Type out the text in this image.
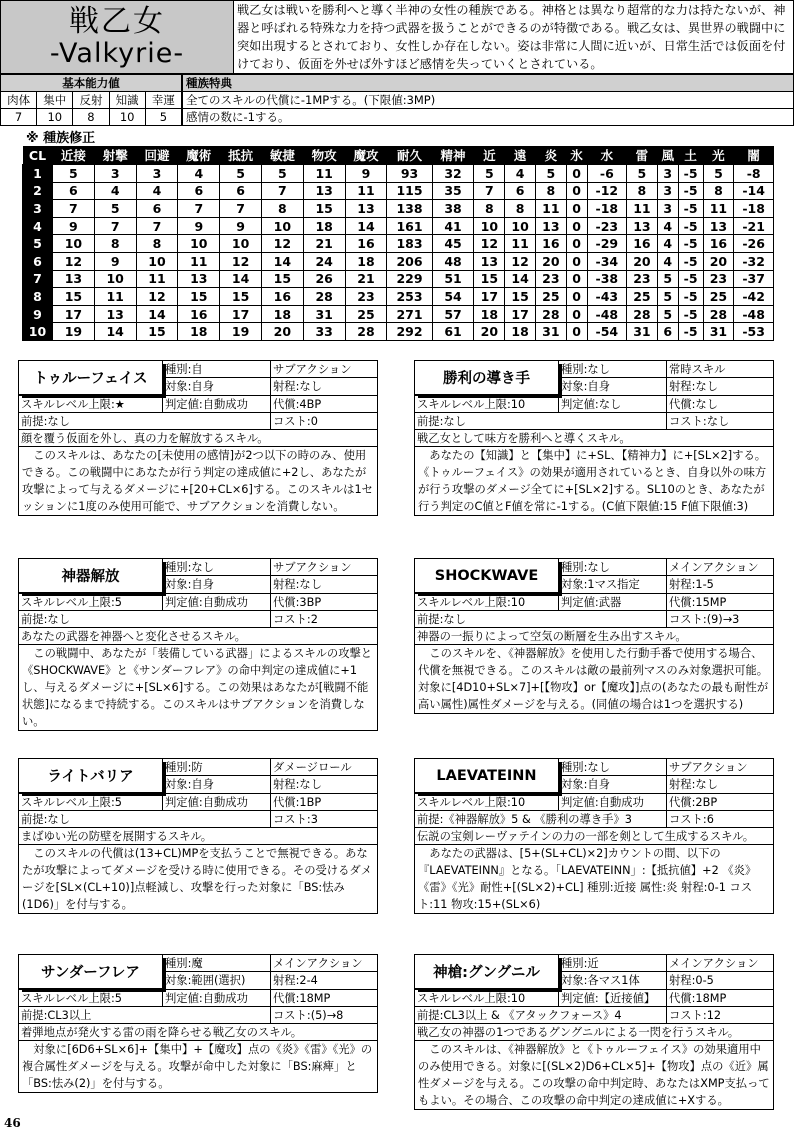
戦乙女
-Valkyrie-
戦乙女は戦いを勝利へと導く半神の女性の種族である。神格とは異なり超常的な力は持たないが、神器と呼ばれる特殊な力を持つ武器を扱うことができるのが特徴である。戦乙女は、異世界の戦闘中に突如出現するとされており、女性しか存在しない。姿は非常に人間に近いが、日常生活では仮面を付けており、仮面を外せば外すほど感情を失っていくとされている。
基本能力値				
肉体	集中	反射	知識	幸運
7	10	8	10	5
種族特典
全てのスキルの代償に-1MPする。(下限値:3MP)
感情の数に-1する。
※ 種族修正
CL	近接	射撃	回避	魔術	抵抗	敏捷	物攻	魔攻	耐久	精神	近	遠	炎	氷	水	雷	風	土	光	闇
1	5	3	3	4	5	5	11	9	93	32	5	4	5	0	-6	5	3	-5	5	-8
2	6	4	4	6	6	7	13	11	115	35	7	6	8	0	-12	8	3	-5	8	-14
3	7	5	6	7	7	8	15	13	138	38	8	8	11	0	-18	11	3	-5	11	-18
4	9	7	7	9	9	10	18	14	161	41	10	10	13	0	-23	13	4	-5	13	-21
5	10	8	8	10	10	12	21	16	183	45	12	11	16	0	-29	16	4	-5	16	-26
6	12	9	10	11	12	14	24	18	206	48	13	12	20	0	-34	20	4	-5	20	-32
7	13	10	11	13	14	15	26	21	229	51	15	14	23	0	-38	23	5	-5	23	-37
8	15	11	12	15	15	16	28	23	253	54	17	15	25	0	-43	25	5	-5	25	-42
9	17	13	14	16	17	18	31	25	271	57	18	17	28	0	-48	28	5	-5	28	-48
10	19	14	15	18	19	20	33	28	292	61	20	18	31	0	-54	31	6	-5	31	-53
トゥルーフェイス
種別:自	サブアクション
対象:自身	射程:なし
スキルレベル上限:★	判定値:自動成功	代償:4BP
前提:なし	コスト:0
顔を覆う仮面を外し、真の力を解放するスキル。
このスキルは、あなたの[未使用の感情]が2つ以下の時のみ、使用できる。この戦闘中にあなたが行う判定の達成値に+2し、あなたが攻撃によって与えるダメージに+[20+CL×6]する。このスキルは1セッションに1度のみ使用可能で、サブアクションを消費しない。
勝利の導き手
種別:なし	常時スキル
対象:自身	射程:なし
スキルレベル上限:10	判定値:なし	代償:なし
前提:なし	コスト:なし
戦乙女として味方を勝利へと導くスキル。
あなたの【知識】と【集中】に+SL、【精神力】に+[SL×2]する。《トゥルーフェイス》の効果が適用されているとき、自身以外の味方が行う攻撃のダメージ全てに+[SL×2]する。SL10のとき、あなたが行う判定のC値とF値を常に-1する。(C値下限値:15 F値下限値:3)
神器解放
種別:なし	サブアクション
対象:自身	射程:なし
スキルレベル上限:5	判定値:自動成功	代償:3BP
前提:なし	コスト:2
あなたの武器を神器へと変化させるスキル。
この戦闘中、あなたが「装備している武器」によるスキルの攻撃と《SHOCKWAVE》と《サンダーフレア》の命中判定の達成値に+1し、与えるダメージに+[SL×6]する。この効果はあなたが[戦闘不能状態]になるまで持続する。このスキルはサブアクションを消費しない。
SHOCKWAVE	種別:なし	メインアクション
対象:1マス指定	射程:1-5
スキルレベル上限:10	判定値:武器	代償:15MP
前提:なし	コスト:(9)→3
神器の一振りによって空気の断層を生み出すスキル。
このスキルを、《神器解放》を使用した行動手番で使用する場合、代償を無視できる。このスキルは敵の最前列マスのみ対象選択可能。対象に[4D10+SL×7]+[【物攻】or【魔攻】]点の(あなたの最も耐性が高い属性)属性ダメージを与える。(同値の場合は1つを選択する)
ライトバリア
種別:防	ダメージロール
対象:自身	射程:なし
スキルレベル上限:5	判定値:自動成功	代償:1BP
前提:なし	コスト:3
まばゆい光の防壁を展開するスキル。
このスキルの代償は(13+CL)MPを支払うことで無視できる。あなたが攻撃によってダメージを受ける時に使用できる。その受けるダメージを[SL×(CL+10)]点軽減し、攻撃を行った対象に「BS:怯み(1D6)」を付与する。
LAEVATEINN	種別:なし	サブアクション
対象:自身	射程:なし
スキルレベル上限:10	判定値:自動成功	代償:2BP
前提:《神器解放》5 & 《勝利の導き手》3	コスト:6
伝説の宝剣レーヴァテインの力の一部を剣として生成するスキル。
あなたの武器は、[5+(SL+CL)×2]カウントの間、以下の『LAEVATEINN』となる。「LAEVATEINN」:【抵抗値】+2 《炎》《雷》《光》耐性+[(SL×2)+CL] 種別:近接 属性:炎 射程:0-1 コスト:11 物攻:15+(SL×6)
サンダーフレア
種別:魔	メインアクション
対象:範囲(選択)	射程:2-4
スキルレベル上限:5	判定値:自動成功	代償:18MP
前提:CL3以上	コスト:(5)→8
着弾地点が発火する雷の雨を降らせる戦乙女のスキル。
対象に[6D6+SL×6]+【集中】+【魔攻】点の《炎》《雷》《光》の複合属性ダメージを与える。攻撃が命中した対象に「BS:麻痺」と「BS:怯み(2)」を付与する。
神槍:グングニル
種別:近	メインアクション
対象:各マス1体	射程:0-5
スキルレベル上限:10	判定値:【近接値】	代償:18MP
前提:CL3以上 & 《アタックフォース》4	コスト:12
戦乙女の神器の1つであるグングニルによる一閃を行うスキル。
このスキルは、《神器解放》と《トゥルーフェイス》の効果適用中のみ使用できる。対象に[(SL×2)D6+CL×5]+【物攻】点の《近》属性ダメージを与える。この攻撃の命中判定時、あなたはXMP支払ってもよい。その場合、この攻撃の命中判定の達成値に+Xする。
46
